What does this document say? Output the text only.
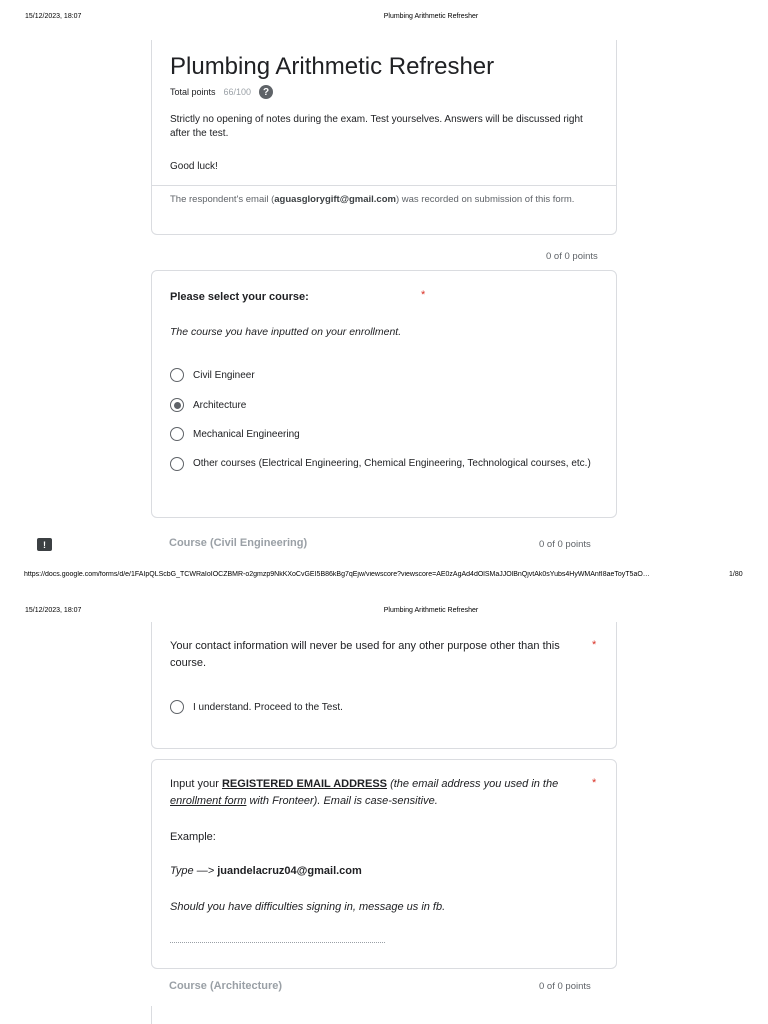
15/12/2023, 18:07	Plumbing Arithmetic Refresher
Plumbing Arithmetic Refresher
Total points 66/100	?
Strictly no opening of notes during the exam. Test yourselves. Answers will be discussed right after the test.
Good luck!
The respondent's email (aguasglorygift@gmail.com) was recorded on submission of this form.
0 of 0 points
Please select your course:	*
The course you have inputted on your enrollment.
Civil Engineer
Architecture
Mechanical Engineering
Other courses (Electrical Engineering, Chemical Engineering, Technological courses, etc.)
!	Course (Civil Engineering)	0 of 0 points
https://docs.google.com/forms/d/e/1FAIpQLScbG_TCWRaIoIOCZBMR-o2gmzp9NkKXoCvGEI5B86kBg7qEjw/viewscore?viewscore=AE0zAgAd4dOlSMaJJOlBnQjvtAk0sYubs4HyWMAnfI8aeToyT5aO…	1/80
15/12/2023, 18:07	Plumbing Arithmetic Refresher
Your contact information will never be used for any other purpose other than this course.
*
I understand. Proceed to the Test.
Input your REGISTERED EMAIL ADDRESS (the email address you used in the enrollment form with Fronteer). Email is case-sensitive.
*
Example:
Type —> juandelacruz04@gmail.com
Should you have difficulties signing in, message us in fb.
Course (Architecture)	0 of 0 points
